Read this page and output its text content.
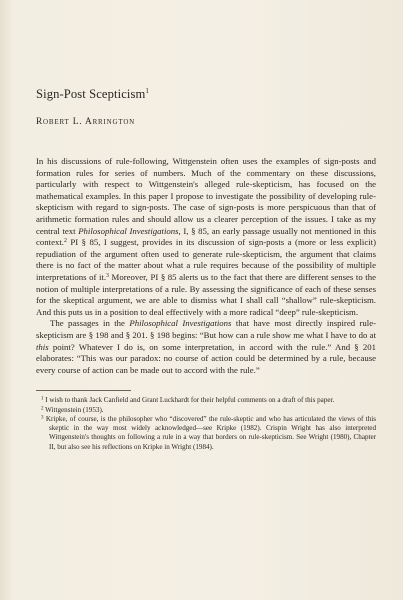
Sign-Post Scepticism$^1$
Robert L. Arrington

In his discussions of rule-following, Wittgenstein often uses the examples of sign-posts and formation rules for series of numbers. Much of the commentary on these discussions, particularly with respect to Wittgenstein's alleged rule-skepticism, has focused on the mathematical examples. In this paper I propose to investigate the possibility of developing rule-skepticism with regard to sign-posts. The case of sign-posts is more perspicuous than that of arithmetic formation rules and should allow us a clearer perception of the issues. I take as my central text Philosophical Investigations, I, § 85, an early passage usually not mentioned in this context.$^2$ PI § 85, I suggest, provides in its discussion of sign-posts a (more or less explicit) repudiation of the argument often used to generate rule-skepticism, the argument that claims there is no fact of the matter about what a rule requires because of the possibility of multiple interpretations of it.$^3$ Moreover, PI § 85 alerts us to the fact that there are different senses to the notion of multiple interpretations of a rule. By assessing the significance of each of these senses for the skeptical argument, we are able to dismiss what I shall call “shallow” rule-skepticism. And this puts us in a position to deal effectively with a more radical “deep” rule-skepticism.

The passages in the Philosophical Investigations that have most directly inspired rule-skepticism are § 198 and § 201. § 198 begins: “But how can a rule show me what I have to do at this point? Whatever I do is, on some interpretation, in accord with the rule.” And § 201 elaborates: “This was our paradox: no course of action could be determined by a rule, because every course of action can be made out to accord with the rule.”

$^1$ I wish to thank Jack Canfield and Grant Luckhardt for their helpful comments on a draft of this paper.

$^2$ Wittgenstein (1953).

$^3$ Kripke, of course, is the philosopher who “discovered” the rule-skeptic and who has articulated the views of this skeptic in the way most widely acknowledged—see Kripke (1982). Crispin Wright has also interpreted Wittgenstein's thoughts on following a rule in a way that borders on rule-skepticism. See Wright (1980), Chapter II, but also see his reflections on Kripke in Wright (1984).
